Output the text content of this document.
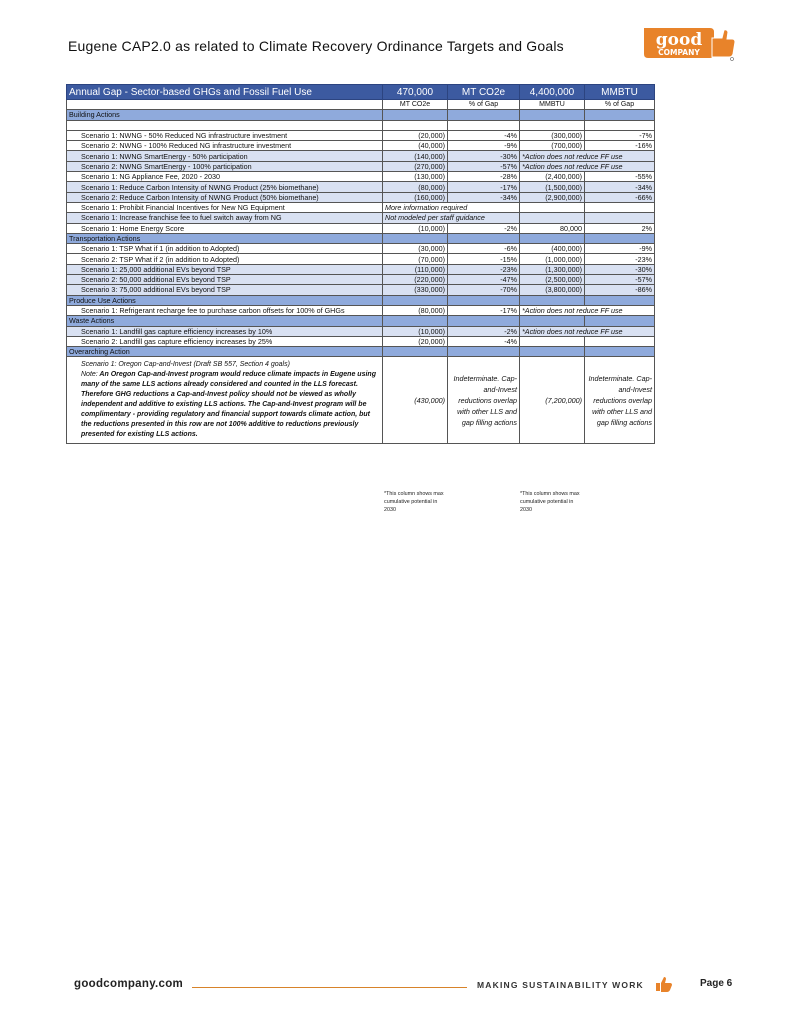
Eugene CAP2.0 as related to Climate Recovery Ordinance Targets and Goals	good
COMPANY
Annual Gap - Sector-based GHGs and Fossil Fuel Use	470,000	MT CO2e	4,400,000	MMBTU
	MT CO2e	% of Gap	MMBTU	% of Gap
Building Actions				

Scenario 1: NWNG - 50% Reduced NG infrastructure investment	(20,000)	-4%	(300,000)	-7%
Scenario 2: NWNG - 100% Reduced NG infrastructure investment	(40,000)	-9%	(700,000)	-16%
Scenario 1: NWNG SmartEnergy - 50% participation	(140,000)	-30%	*Action does not reduce FF use	
Scenario 2: NWNG SmartEnergy - 100% participation	(270,000)	-57%	*Action does not reduce FF use	
Scenario 1: NG Appliance Fee, 2020 - 2030	(130,000)	-28%	(2,400,000)	-55%
Scenario 1: Reduce Carbon Intensity of NWNG Product (25% biomethane)	(80,000)	-17%	(1,500,000)	-34%
Scenario 2: Reduce Carbon Intensity of NWNG Product (50% biomethane)	(160,000)	-34%	(2,900,000)	-66%
Scenario 1: Prohibit Financial Incentives for New NG Equipment	More information required			
Scenario 1: Increase franchise fee to fuel switch away from NG	Not modeled per staff guidance			
Scenario 1: Home Energy Score	(10,000)	-2%	80,000	2%
Transportation Actions				
Scenario 1: TSP What if 1 (in addition to Adopted)	(30,000)	-6%	(400,000)	-9%
Scenario 2: TSP What if 2 (in addition to Adopted)	(70,000)	-15%	(1,000,000)	-23%
Scenario 1: 25,000 additional EVs beyond TSP	(110,000)	-23%	(1,300,000)	-30%
Scenario 2: 50,000 additional EVs beyond TSP	(220,000)	-47%	(2,500,000)	-57%
Scenario 3: 75,000 additional EVs beyond TSP	(330,000)	-70%	(3,800,000)	-86%
Produce Use Actions				
Scenario 1: Refrigerant recharge fee to purchase carbon offsets for 100% of GHGs	(80,000)	-17%	*Action does not reduce FF use	
Waste Actions				
Scenario 1: Landfill gas capture efficiency increases by 10%	(10,000)	-2%	*Action does not reduce FF use	
Scenario 2: Landfill gas capture efficiency increases by 25%	(20,000)	-4%		
Overarching Action				

Scenario 1: Oregon Cap-and-Invest (Draft SB 557, Section 4 goals)
Note: An Oregon Cap-and-Invest program would reduce climate impacts in Eugene using many of the same LLS actions already considered and counted in the LLS forecast. Therefore GHG reductions a Cap-and-Invest policy should not be viewed as wholly independent and additive to existing LLS actions. The Cap-and-Invest program will be complimentary - providing regulatory and financial support towards climate action, but the reductions presented in this row are not 100% additive to reductions previously presented for existing LLS actions.	(430,000)	Indeterminate. Cap-and-Invest reductions overlap with other LLS and gap filling actions	(7,200,000)	Indeterminate. Cap-and-Invest reductions overlap with other LLS and gap filling actions
*This column shows max cumulative potential in 2030
*This column shows max cumulative potential in 2030
goodcompany.com	MAKING SUSTAINABILITY WORK	Page 6
